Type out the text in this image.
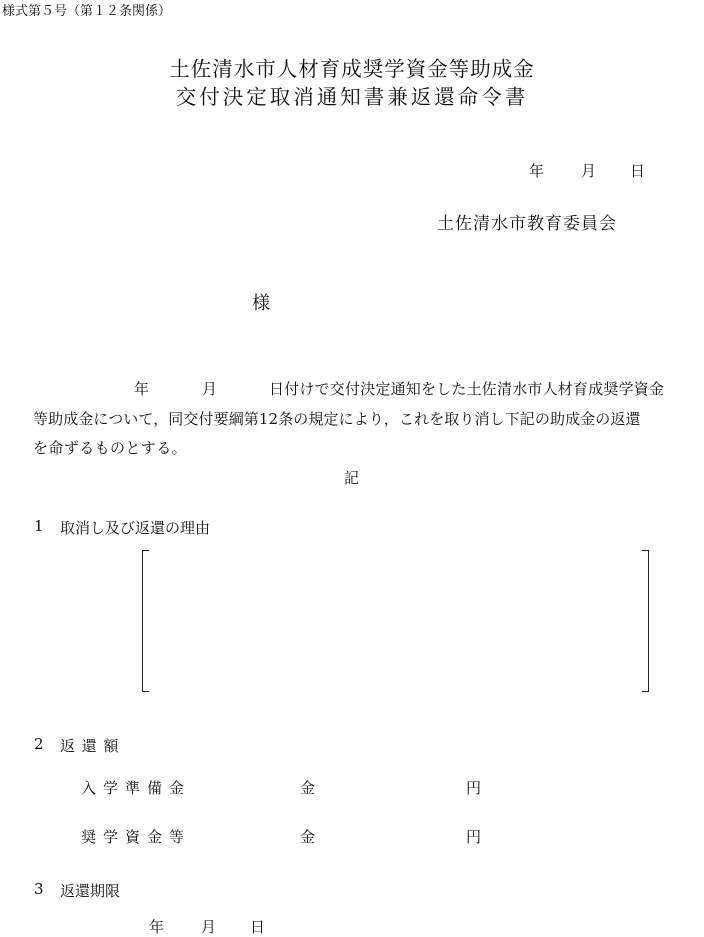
様式第５号（第１２条関係）
土佐清水市人材育成奨学資金等助成金
交付決定取消通知書兼返還命令書
年 月 日
土佐清水市教育委員会
様
年	月	日付けで交付決定通知をした土佐清水市人材育成奨学資金
等助成金について，同交付要綱第12条の規定により，これを取り消し下記の助成金の返還
を命ずるものとする。
記
1 取消し及び返還の理由
2 返 還 額
入学準備金	金	円
奨学資金等	金	円
3 返還期限
年 月 日
